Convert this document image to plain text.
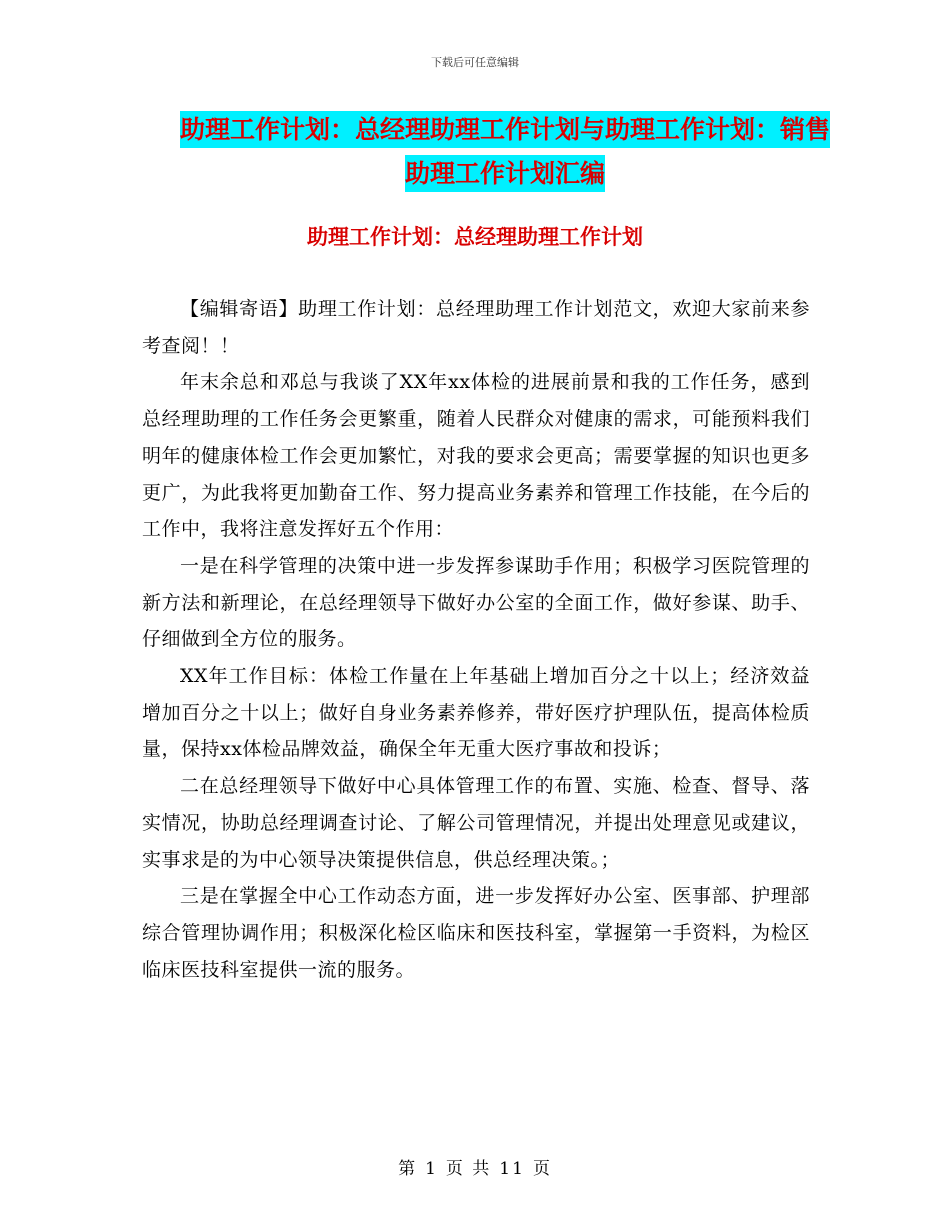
下载后可任意编辑
助理工作计划：总经理助理工作计划与助理工作计划：销售助理工作计划汇编
助理工作计划：总经理助理工作计划

【编辑寄语】助理工作计划：总经理助理工作计划范文，欢迎大家前来参考查阅！！

年末余总和邓总与我谈了XX年xx体检的进展前景和我的工作任务，感到总经理助理的工作任务会更繁重，随着人民群众对健康的需求，可能预料我们明年的健康体检工作会更加繁忙，对我的要求会更高；需要掌握的知识也更多更广，为此我将更加勤奋工作、努力提高业务素养和管理工作技能，在今后的工作中，我将注意发挥好五个作用：

一是在科学管理的决策中进一步发挥参谋助手作用；积极学习医院管理的新方法和新理论，在总经理领导下做好办公室的全面工作，做好参谋、助手、仔细做到全方位的服务。

XX年工作目标：体检工作量在上年基础上增加百分之十以上；经济效益增加百分之十以上；做好自身业务素养修养，带好医疗护理队伍，提高体检质量，保持xx体检品牌效益，确保全年无重大医疗事故和投诉；

二在总经理领导下做好中心具体管理工作的布置、实施、检查、督导、落实情况，协助总经理调查讨论、了解公司管理情况，并提出处理意见或建议，实事求是的为中心领导决策提供信息，供总经理决策。；

三是在掌握全中心工作动态方面，进一步发挥好办公室、医事部、护理部综合管理协调作用；积极深化检区临床和医技科室，掌握第一手资料，为检区临床医技科室提供一流的服务。

第 1 页 共 11 页
